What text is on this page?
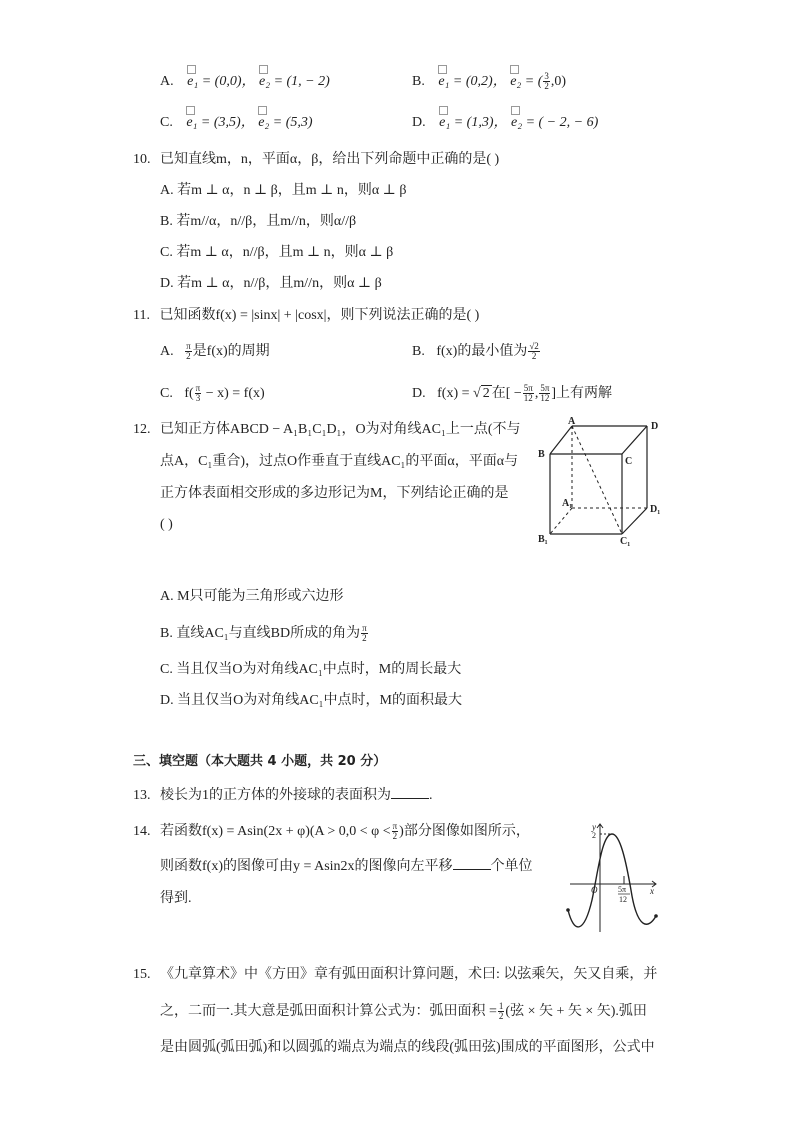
A. e₁ = (0,0)， e₂ = (1, − 2)	B. e₁ = (0,2)， e₂ = ( $\frac{3}{2} ,0$)
C. e₁ = (3,5)， e₂ = (5,3)	D. e₁ = (1,3)， e₂ = ( − 2, − 6)
10. 已知直线m，n，平面α，β，给出下列命题中正确的是( )
A. 若m ⊥ α，n ⊥ β，且m ⊥ n，则α ⊥ β
B. 若m//α，n//β，且m//n，则α//β
C. 若m ⊥ α，n//β，且m ⊥ n，则α ⊥ β
D. 若m ⊥ α，n//β，且m//n，则α ⊥ β
11. 已知函数f(x) = |sinx| + |cosx|，则下列说法正确的是( )
A. $\frac{\pi}{2}$ 是f(x)的周期	B. f(x)的最小值为 $\frac{√2}{2}$
C. $f( \frac{\pi}{3} - x) = f(x)$	D. f(x) = √ 2 在[ − $\frac{5\pi}{12}$ , $\frac{5\pi}{12}$ ]上有两解
12. 已知正方体ABCD − A₁B₁C₁D₁，O为对角线AC₁上一点(不与
点A，C₁重合)，过点O作垂直于直线AC₁的平面α，平面α与
正方体表面相交形成的多边形记为M，下列结论正确的是
( )
A	D
B
C
A₁
D₁
B₁	C₁
A. M只可能为三角形或六边形
B. 直线AC₁与直线BD所成的角为 $\frac{\pi}{2}$
C. 当且仅当O为对角线AC₁中点时，M的周长最大
D. 当且仅当O为对角线AC₁中点时，M的面积最大
三、填空题（本大题共 4 小题，共 20 分）
13. 棱长为1的正方体的外接球的表面积为	.
14. 若函数$f(x) = Asin(2x + \varphi)(A > 0,0 < \varphi < \frac{\pi}{2}$ )部分图像如图所示，
则函数f(x)的图像可由y = Asin2x的图像向左平移	个单位
得到.
y
x
O
2
5π
12
15. 《九章算术》中《方田》章有弧田面积计算问题，术曰: 以弦乘矢，矢又自乘，并
之，二而一.其大意是弧田面积计算公式为：弧田面积 = $\frac{1}{2}$ (弦 × 矢 + 矢 × 矢).弧田
是由圆弧(弧田弧)和以圆弧的端点为端点的线段(弧田弦)围成的平面图形，公式中
